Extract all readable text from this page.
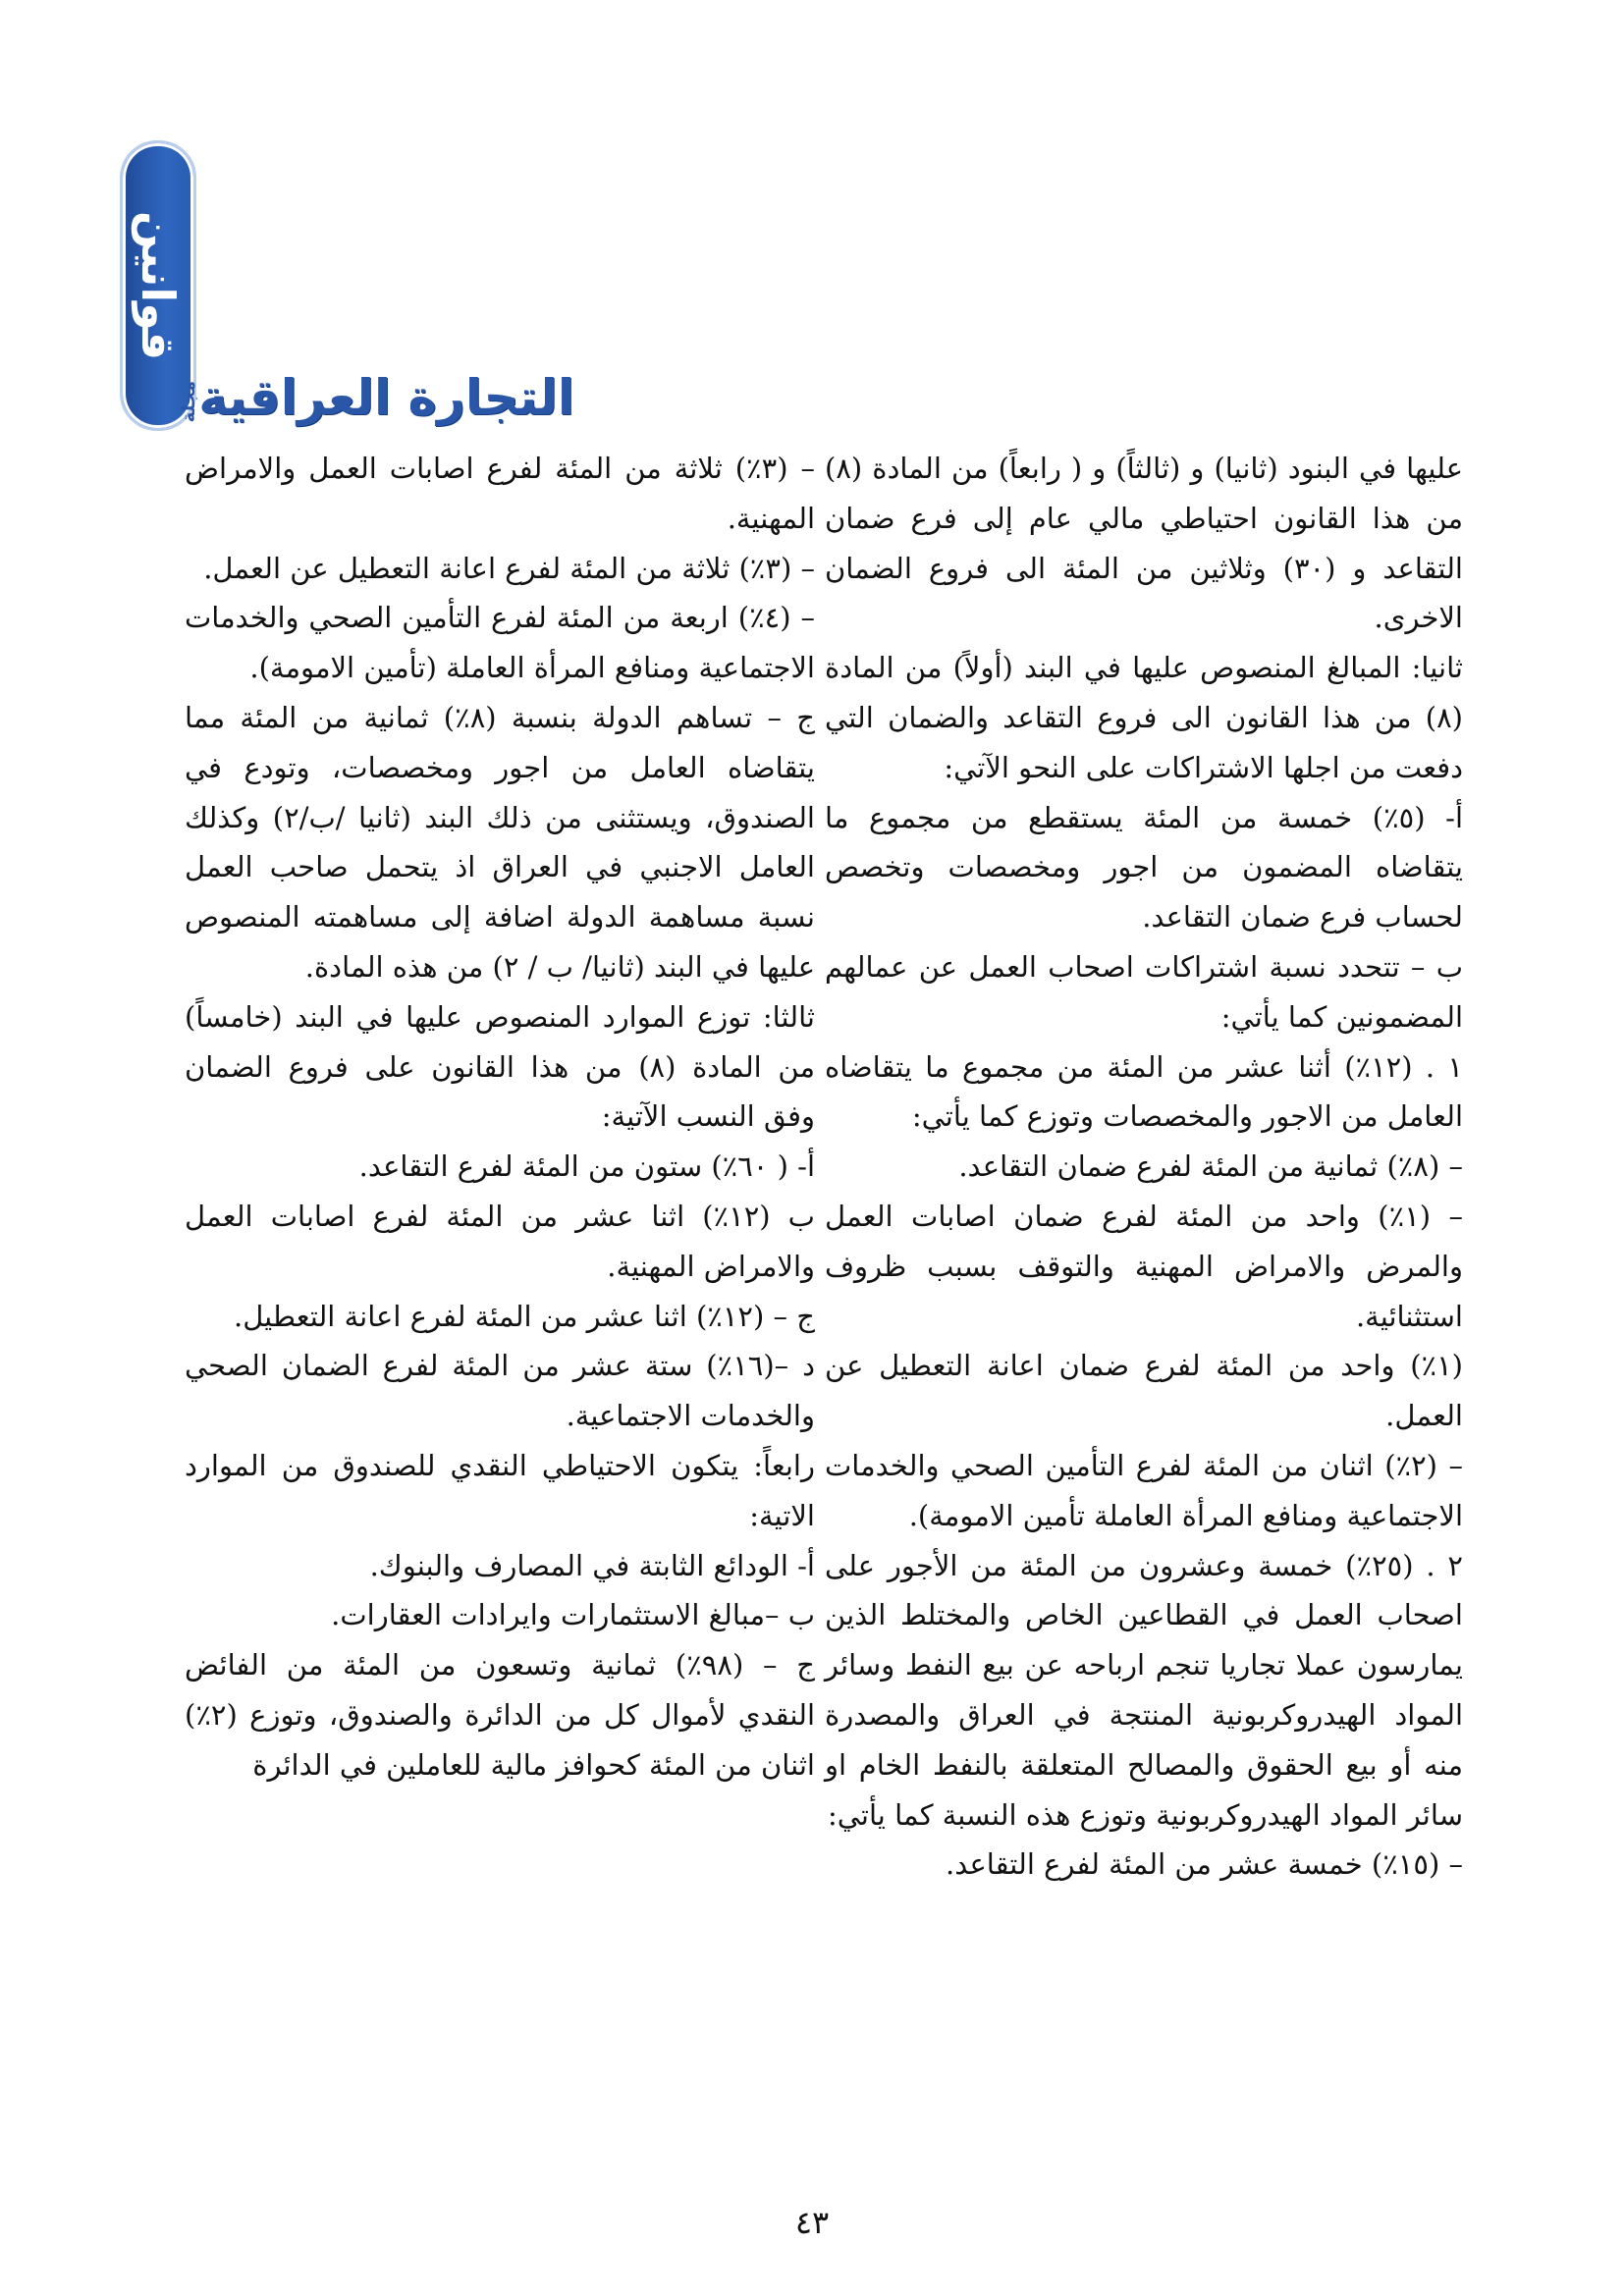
قوانين
التجارة العراقية
مجلة

عليها في البنود (ثانيا) و (ثالثاً) و ( رابعاً) من المادة (٨) من هذا القانون احتياطي مالي عام إلى فرع ضمان التقاعد و (٣٠) وثلاثين من المئة الى فروع الضمان الاخرى.

ثانيا: المبالغ المنصوص عليها في البند (أولاً) من المادة (٨) من هذا القانون الى فروع التقاعد والضمان التي دفعت من اجلها الاشتراكات على النحو الآتي:

أ- (٥٪) خمسة من المئة يستقطع من مجموع ما يتقاضاه المضمون من اجور ومخصصات وتخصص لحساب فرع ضمان التقاعد.

ب – تتحدد نسبة اشتراكات اصحاب العمل عن عمالهم المضمونين كما يأتي:

١ . (١٢٪) أثنا عشر من المئة من مجموع ما يتقاضاه العامل من الاجور والمخصصات وتوزع كما يأتي:

– (٨٪) ثمانية من المئة لفرع ضمان التقاعد.

– (١٪) واحد من المئة لفرع ضمان اصابات العمل والمرض والامراض المهنية والتوقف بسبب ظروف استثنائية.

(١٪) واحد من المئة لفرع ضمان اعانة التعطيل عن العمل.

– (٢٪) اثنان من المئة لفرع التأمين الصحي والخدمات الاجتماعية ومنافع المرأة العاملة تأمين الامومة).

٢ . (٢٥٪) خمسة وعشرون من المئة من الأجور على اصحاب العمل في القطاعين الخاص والمختلط الذين يمارسون عملا تجاريا تنجم ارباحه عن بيع النفط وسائر المواد الهيدروكربونية المنتجة في العراق والمصدرة منه أو بيع الحقوق والمصالح المتعلقة بالنفط الخام او سائر المواد الهيدروكربونية وتوزع هذه النسبة كما يأتي:

– (١٥٪) خمسة عشر من المئة لفرع التقاعد.

– (٣٪) ثلاثة من المئة لفرع اصابات العمل والامراض المهنية.

– (٣٪) ثلاثة من المئة لفرع اعانة التعطيل عن العمل.

– (٤٪) اربعة من المئة لفرع التأمين الصحي والخدمات الاجتماعية ومنافع المرأة العاملة (تأمين الامومة).

ج – تساهم الدولة بنسبة (٨٪) ثمانية من المئة مما يتقاضاه العامل من اجور ومخصصات، وتودع في الصندوق، ويستثنى من ذلك البند (ثانيا /ب/٢) وكذلك العامل الاجنبي في العراق اذ يتحمل صاحب العمل نسبة مساهمة الدولة اضافة إلى مساهمته المنصوص عليها في البند (ثانيا/ ب / ٢) من هذه المادة.

ثالثا: توزع الموارد المنصوص عليها في البند (خامساً) من المادة (٨) من هذا القانون على فروع الضمان وفق النسب الآتية:

أ- ( ٦٠٪) ستون من المئة لفرع التقاعد.

ب (١٢٪) اثنا عشر من المئة لفرع اصابات العمل والامراض المهنية.

ج – (١٢٪) اثنا عشر من المئة لفرع اعانة التعطيل.

د –(١٦٪) ستة عشر من المئة لفرع الضمان الصحي والخدمات الاجتماعية.

رابعاً: يتكون الاحتياطي النقدي للصندوق من الموارد الاتية:

أ- الودائع الثابتة في المصارف والبنوك.

ب –مبالغ الاستثمارات وايرادات العقارات.

ج – (٩٨٪) ثمانية وتسعون من المئة من الفائض النقدي لأموال كل من الدائرة والصندوق، وتوزع (٢٪) اثنان من المئة كحوافز مالية للعاملين في الدائرة

٤٣
